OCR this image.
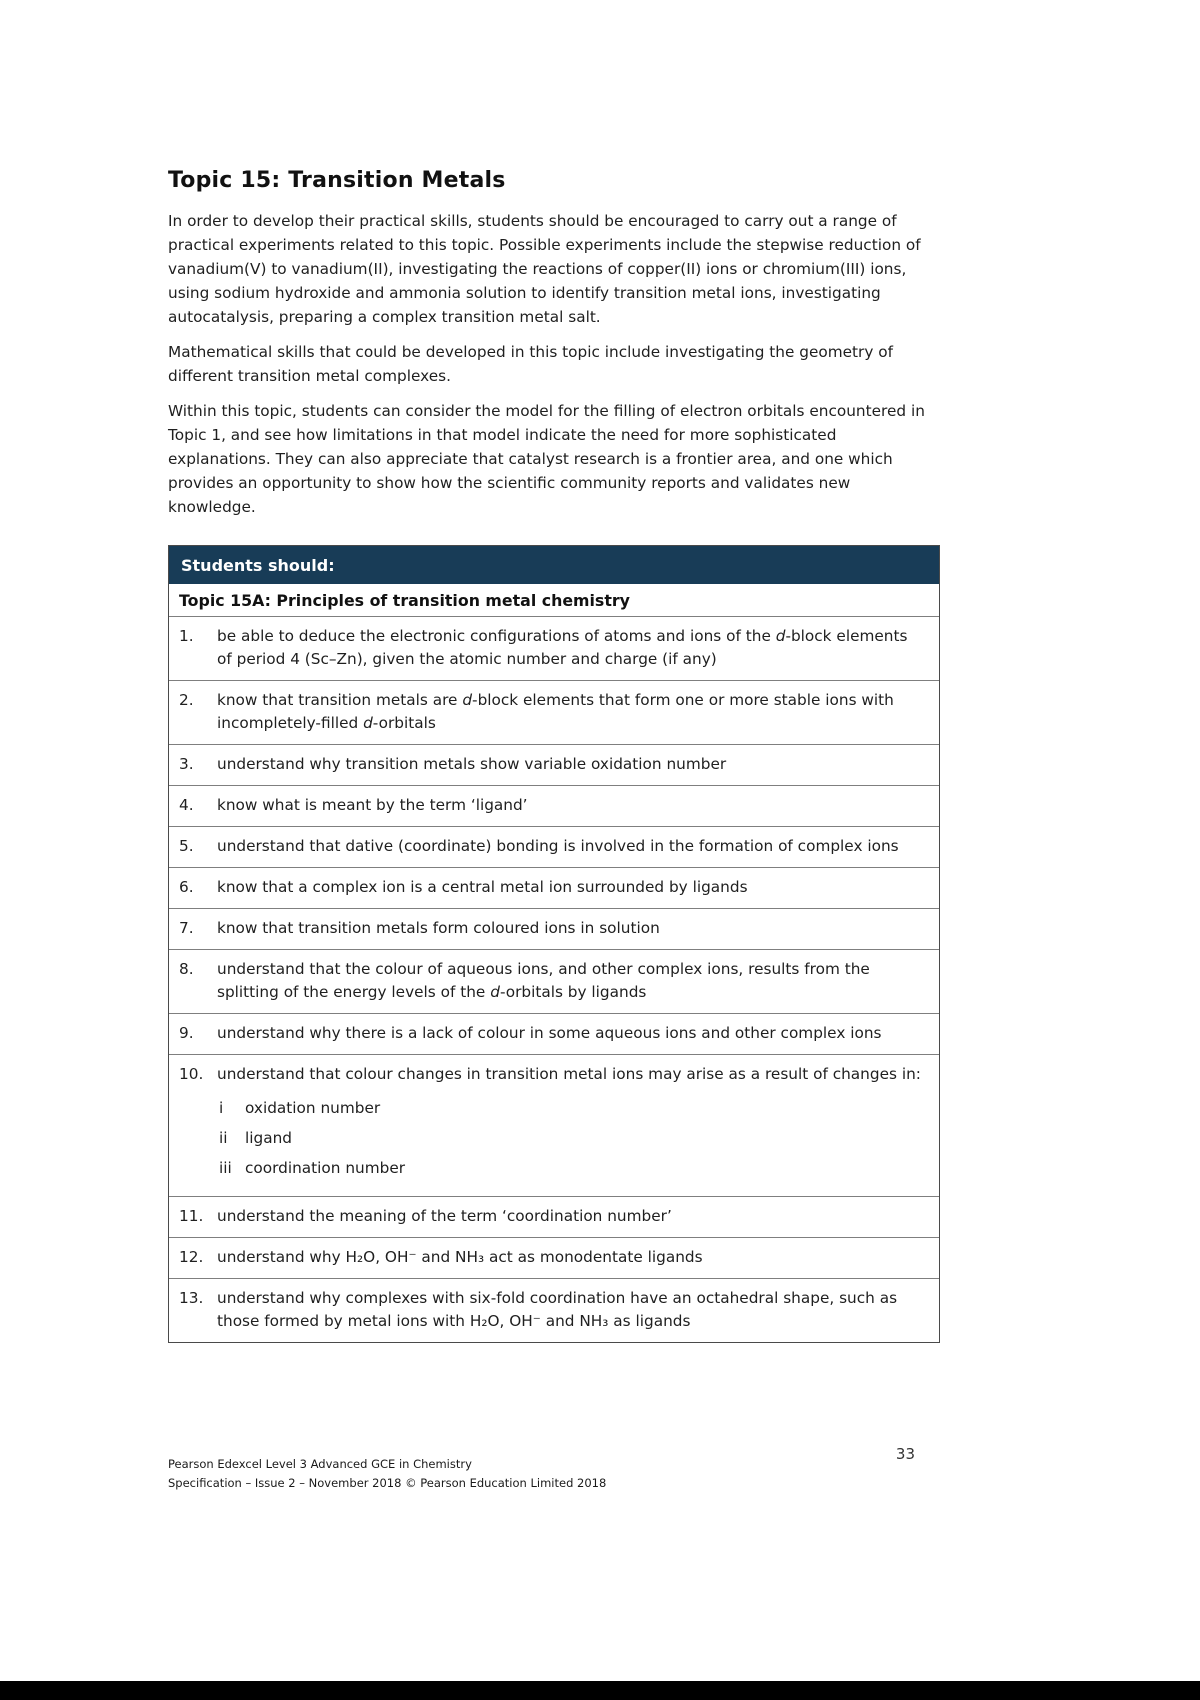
Topic 15: Transition Metals

In order to develop their practical skills, students should be encouraged to carry out a range of practical experiments related to this topic. Possible experiments include the stepwise reduction of vanadium(V) to vanadium(II), investigating the reactions of copper(II) ions or chromium(III) ions, using sodium hydroxide and ammonia solution to identify transition metal ions, investigating autocatalysis, preparing a complex transition metal salt.

Mathematical skills that could be developed in this topic include investigating the geometry of different transition metal complexes.

Within this topic, students can consider the model for the filling of electron orbitals encountered in Topic 1, and see how limitations in that model indicate the need for more sophisticated explanations. They can also appreciate that catalyst research is a frontier area, and one which provides an opportunity to show how the scientific community reports and validates new knowledge.

Students should:
Topic 15A: Principles of transition metal chemistry
1.	be able to deduce the electronic configurations of atoms and ions of the d-block elements of period 4 (Sc–Zn), given the atomic number and charge (if any)
2.	know that transition metals are d-block elements that form one or more stable ions with incompletely-filled d-orbitals
3.	understand why transition metals show variable oxidation number
4.	know what is meant by the term ‘ligand’
5.	understand that dative (coordinate) bonding is involved in the formation of complex ions
6.	know that a complex ion is a central metal ion surrounded by ligands
7.	know that transition metals form coloured ions in solution
8.	understand that the colour of aqueous ions, and other complex ions, results from the splitting of the energy levels of the d-orbitals by ligands
9.	understand why there is a lack of colour in some aqueous ions and other complex ions
10. understand that colour changes in transition metal ions may arise as a result of changes in:
i	oxidation number
ii	ligand
iii coordination number
11. understand the meaning of the term ‘coordination number’
12. understand why H₂O, OH⁻ and NH₃ act as monodentate ligands
13. understand why complexes with six-fold coordination have an octahedral shape, such as those formed by metal ions with H₂O, OH⁻ and NH₃ as ligands
Pearson Edexcel Level 3 Advanced GCE in Chemistry
Specification – Issue 2 – November 2018 © Pearson Education Limited 2018
33
